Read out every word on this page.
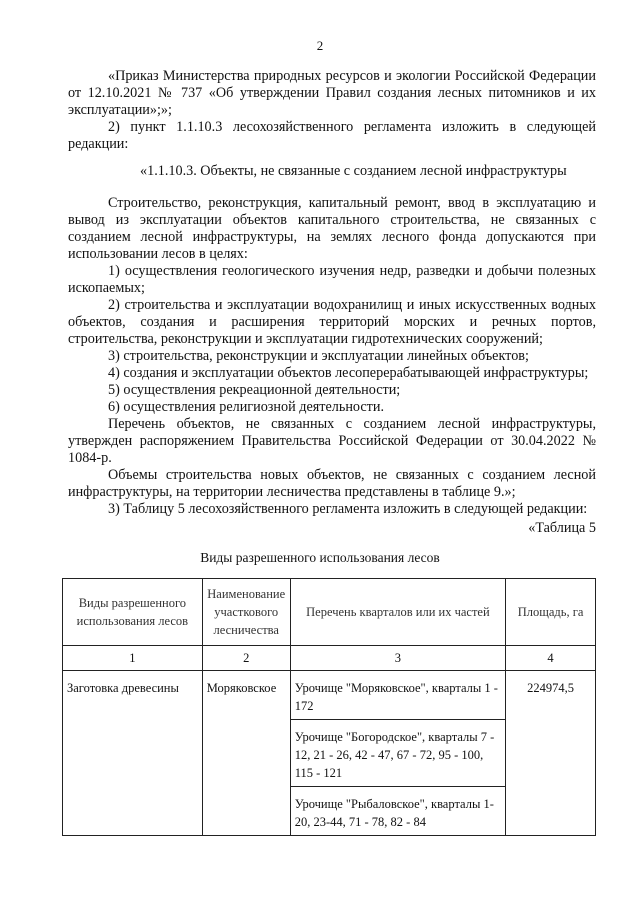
2

«Приказ Министерства природных ресурсов и экологии Российской Федерации от 12.10.2021 № 737 «Об утверждении Правил создания лесных питомников и их эксплуатации»;»;

2) пункт 1.1.10.3 лесохозяйственного регламента изложить в следующей редакции:

«1.1.10.3. Объекты, не связанные с созданием лесной инфраструктуры

Строительство, реконструкция, капитальный ремонт, ввод в эксплуатацию и вывод из эксплуатации объектов капитального строительства, не связанных с созданием лесной инфраструктуры, на землях лесного фонда допускаются при использовании лесов в целях:

1) осуществления геологического изучения недр, разведки и добычи полезных ископаемых;

2) строительства и эксплуатации водохранилищ и иных искусственных водных объектов, создания и расширения территорий морских и речных портов, строительства, реконструкции и эксплуатации гидротехнических сооружений;

3) строительства, реконструкции и эксплуатации линейных объектов;

4) создания и эксплуатации объектов лесоперерабатывающей инфраструктуры;

5) осуществления рекреационной деятельности;

6) осуществления религиозной деятельности.

Перечень объектов, не связанных с созданием лесной инфраструктуры, утвержден распоряжением Правительства Российской Федерации от 30.04.2022 № 1084-р.

Объемы строительства новых объектов, не связанных с созданием лесной инфраструктуры, на территории лесничества представлены в таблице 9.»;

3) Таблицу 5 лесохозяйственного регламента изложить в следующей редакции:

«Таблица 5
Виды разрешенного использования лесов
Виды разрешенного использования лесов	Наименование участкового лесничества	Перечень кварталов или их частей	Площадь, га
1	2	3	4
Заготовка древесины	Моряковское	Урочище "Моряковское", кварталы 1 - 172	224974,5
		Урочище "Богородское", кварталы 7 - 12, 21 - 26, 42 - 47, 67 - 72, 95 - 100, 115 - 121	
		Урочище "Рыбаловское", кварталы 1-20, 23-44, 71 - 78, 82 - 84	
